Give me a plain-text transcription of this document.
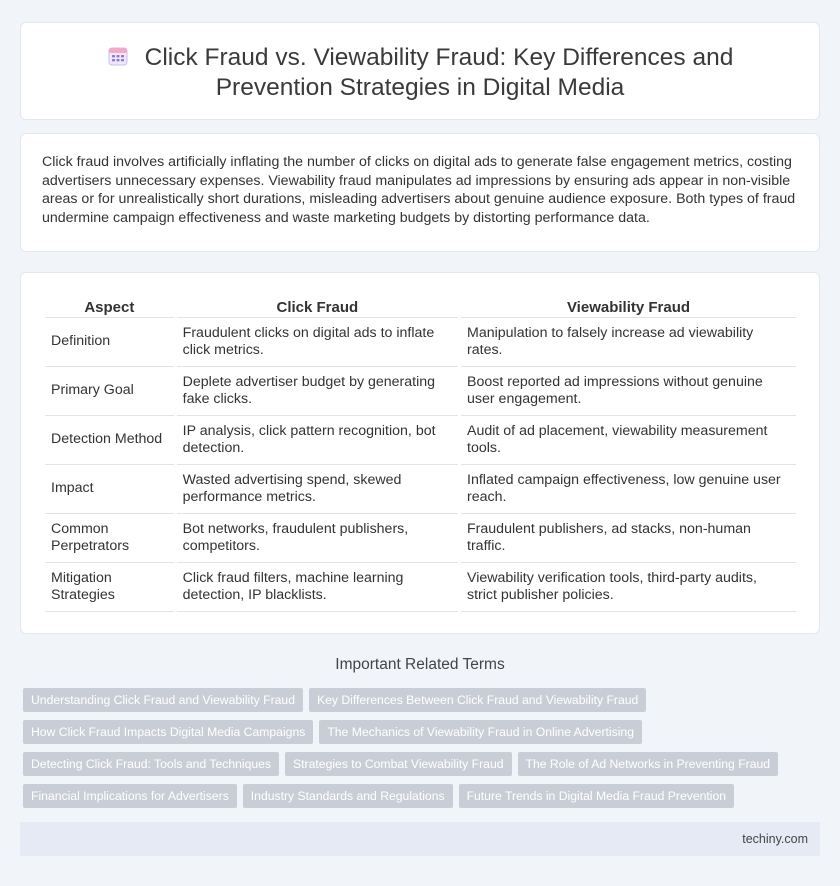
Click Fraud vs. Viewability Fraud: Key Differences and Prevention Strategies in Digital Media

Click fraud involves artificially inflating the number of clicks on digital ads to generate false engagement metrics, costing advertisers unnecessary expenses. Viewability fraud manipulates ad impressions by ensuring ads appear in non-visible areas or for unrealistically short durations, misleading advertisers about genuine audience exposure. Both types of fraud undermine campaign effectiveness and waste marketing budgets by distorting performance data.

Aspect	Click Fraud	Viewability Fraud
Definition	Fraudulent clicks on digital ads to inflate click metrics.	Manipulation to falsely increase ad viewability rates.
Primary Goal	Deplete advertiser budget by generating fake clicks.	Boost reported ad impressions without genuine user engagement.
Detection Method	IP analysis, click pattern recognition, bot detection.	Audit of ad placement, viewability measurement tools.
Impact	Wasted advertising spend, skewed performance metrics.	Inflated campaign effectiveness, low genuine user reach.
Common Perpetrators	Bot networks, fraudulent publishers, competitors.	Fraudulent publishers, ad stacks, non-human traffic.
Mitigation Strategies	Click fraud filters, machine learning detection, IP blacklists.	Viewability verification tools, third-party audits, strict publisher policies.
Important Related Terms
Understanding Click Fraud and Viewability Fraud Key Differences Between Click Fraud and Viewability Fraud
How Click Fraud Impacts Digital Media Campaigns The Mechanics of Viewability Fraud in Online Advertising
Detecting Click Fraud: Tools and Techniques Strategies to Combat Viewability Fraud The Role of Ad Networks in Preventing Fraud
Financial Implications for Advertisers Industry Standards and Regulations Future Trends in Digital Media Fraud Prevention
techiny.com
